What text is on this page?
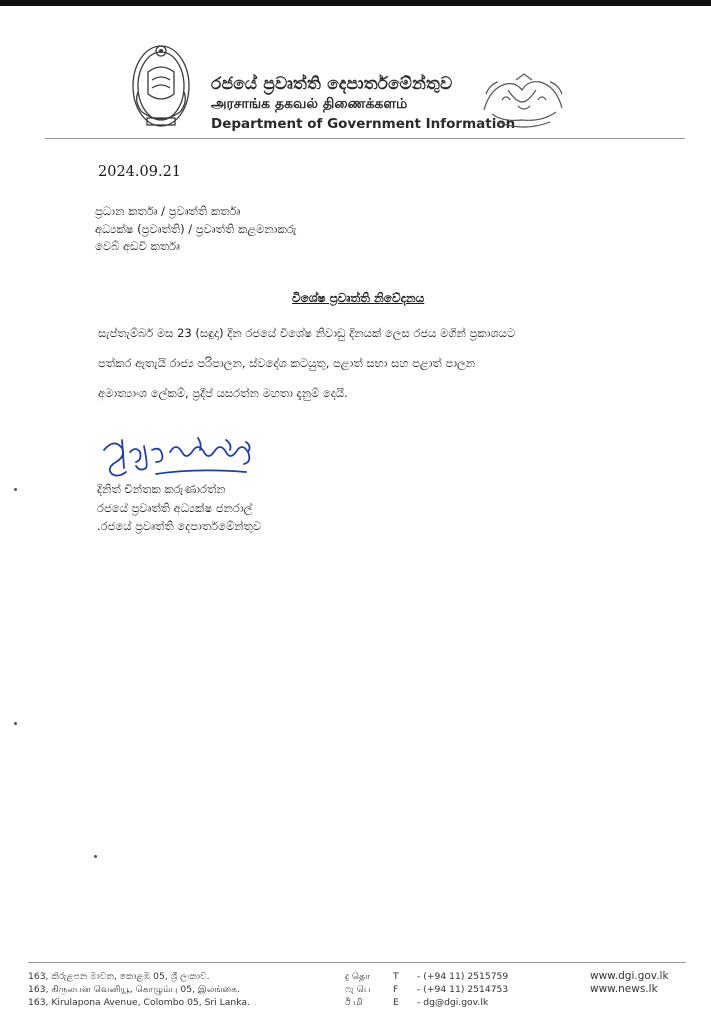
රජයේ ප්‍රවෘත්ති දෙපාර්තමේන්තුව
அரசாங்க தகவல் திணைக்களம்
Department of Government Information
2024.09.21
ප්‍රධාන කර්තෘ / ප්‍රවෘත්ති කර්තෘ
අධ්‍යක්ෂ (ප්‍රවෘත්ති) / ප්‍රවෘත්ති කළමනාකරු
වෙබ් අඩවි කර්තෘ
විශේෂ ප්‍රවෘත්ති නිවේදනය
සැප්තැම්බර් මස 23 (සඳුදා) දින රජයේ විශේෂ නිවාඩු දිනයක් ලෙස රජය මගින් ප්‍රකාශයට
පත්කර ඇතැයි රාජ්‍ය පරිපාලන, ස්වදේශ කටයුතු, පළාත් සභා සහ පළාත් පාලන
අමාත්‍යාංශ ලේකම්, ප්‍රදීප් යසරත්න මහතා දැනුම් දෙයි.
දිනිත් චින්තක කරුණාරත්න
රජයේ ප්‍රවෘත්ති අධ්‍යක්ෂ ජනරාල්
.රජයේ ප්‍රවෘත්ති දෙපාර්තමේන්තුව
163, කිරුළපන මාවත, කොළඹ 05, ශ්‍රී ලංකාව.
163, கிருலபன வெனியூ, கொழும்பு 05, இலங்கை.
163, Kirulapona Avenue, Colombo 05, Sri Lanka.
දු தொ	T - (+94 11) 2515759
ෆැ பெ F - (+94 11) 2514753
ඊ மி	E - dg@dgi.gov.lk
www.dgi.gov.lk
www.news.lk
